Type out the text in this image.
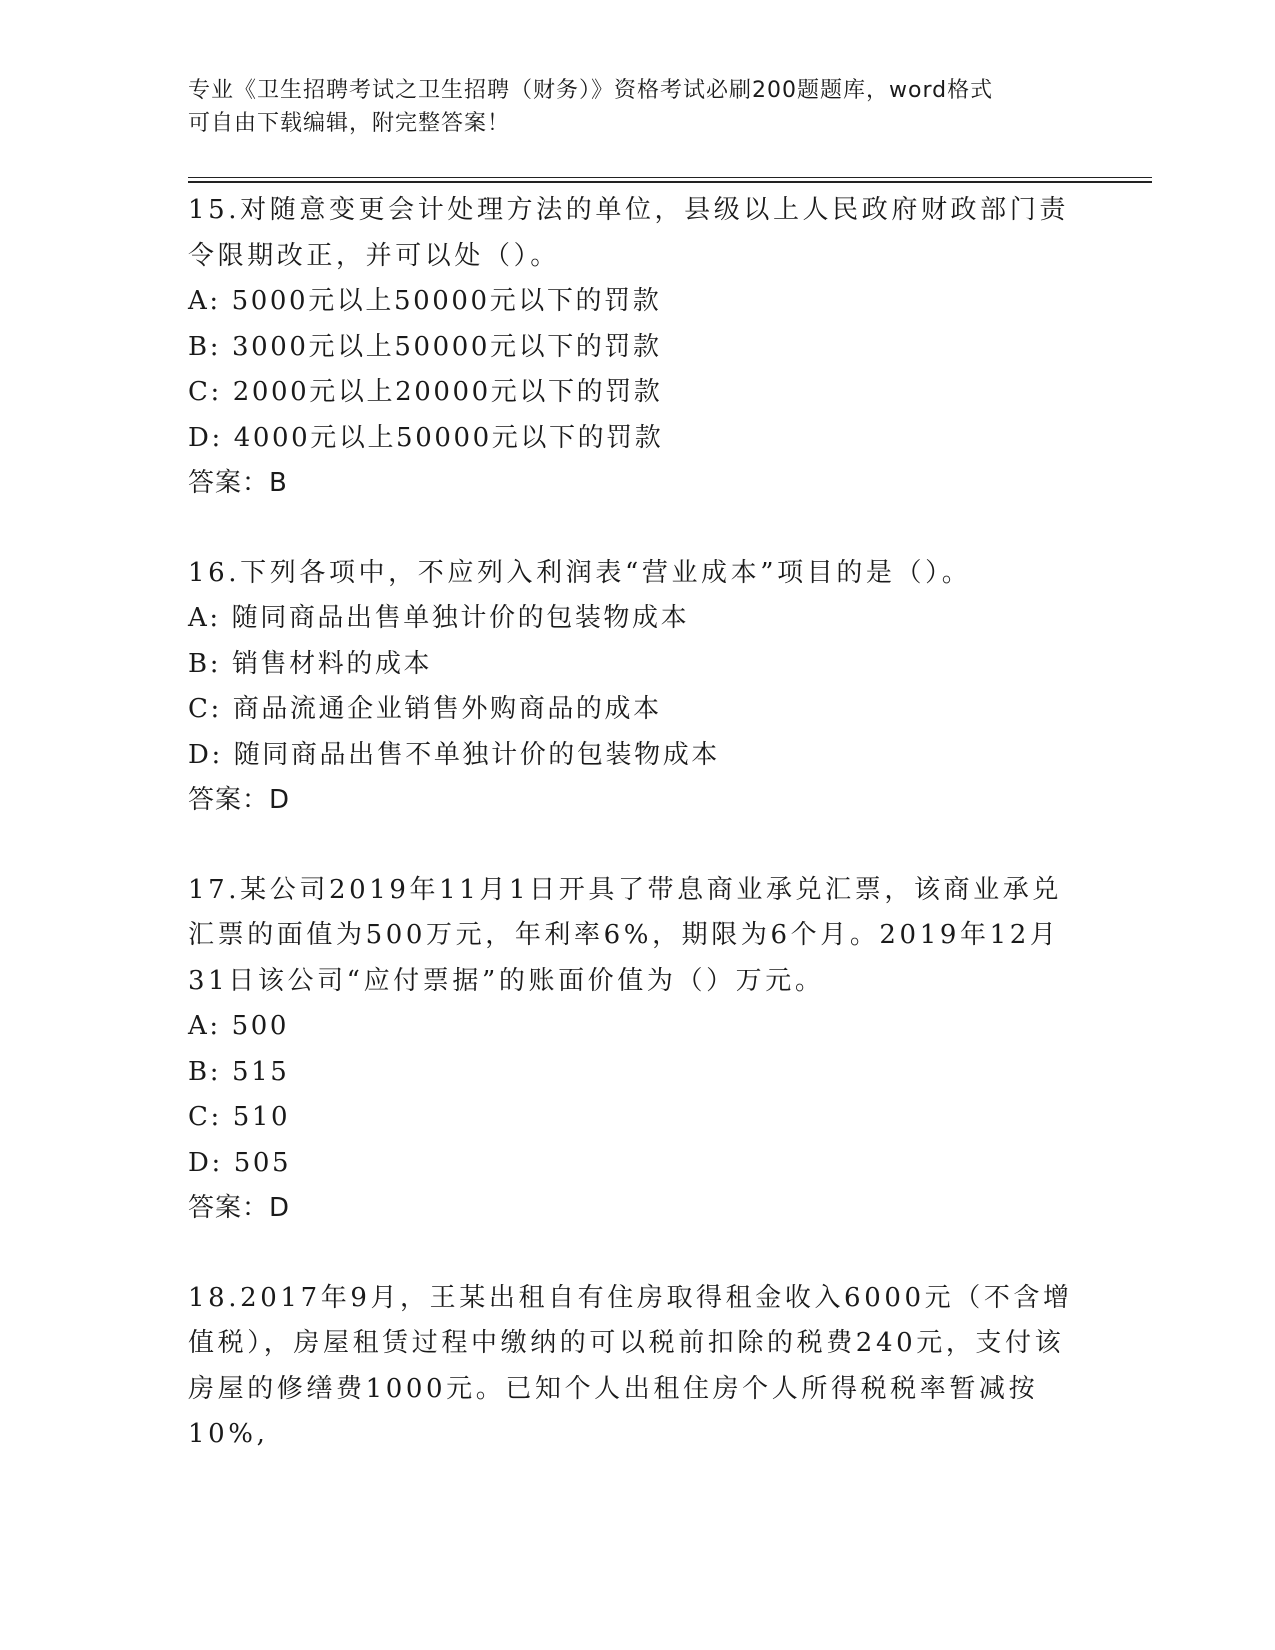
专业《卫生招聘考试之卫生招聘（财务）》资格考试必刷200题题库，word格式
可自由下载编辑，附完整答案！

15.对随意变更会计处理方法的单位，县级以上人民政府财政部门责令限期改正，并可以处（）。

A: 5000元以上50000元以下的罚款

B: 3000元以上50000元以下的罚款

C: 2000元以上20000元以下的罚款

D: 4000元以上50000元以下的罚款

答案：B

16.下列各项中，不应列入利润表“营业成本”项目的是（）。

A: 随同商品出售单独计价的包装物成本

B: 销售材料的成本

C: 商品流通企业销售外购商品的成本

D: 随同商品出售不单独计价的包装物成本

答案：D

17.某公司2019年11月1日开具了带息商业承兑汇票，该商业承兑汇票的面值为500万元，年利率6%，期限为6个月。2019年12月31日该公司“应付票据”的账面价值为（）万元。

A: 500

B: 515

C: 510

D: 505

答案：D

18.2017年9月，王某出租自有住房取得租金收入6000元（不含增值税），房屋租赁过程中缴纳的可以税前扣除的税费240元，支付该房屋的修缮费1000元。已知个人出租住房个人所得税税率暂减按10%,
